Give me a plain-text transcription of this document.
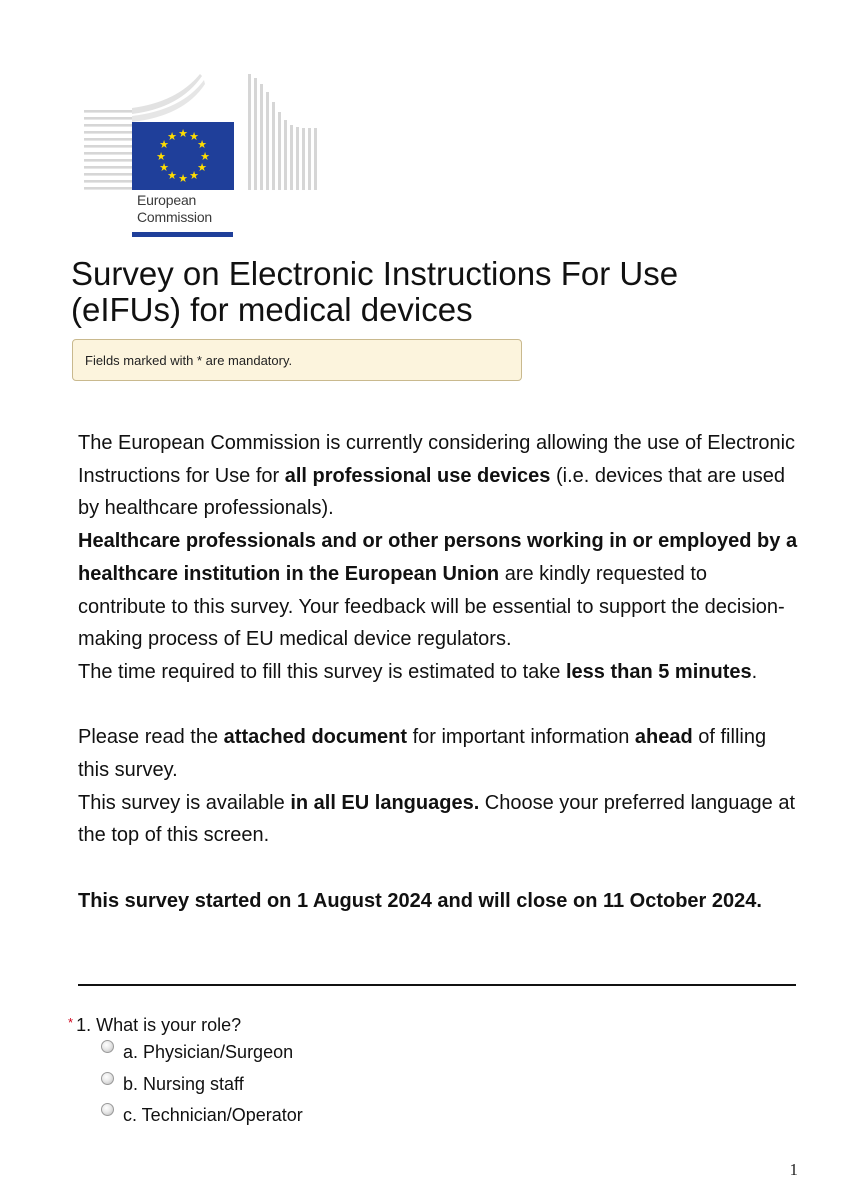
★ ★
★
★
★
★
★
★
★
★
★
★
European
Commission
Survey on Electronic Instructions For Use (eIFUs) for medical devices
Fields marked with * are mandatory.

The European Commission is currently considering allowing the use of Electronic Instructions for Use for all professional use devices (i.e. devices that are used by healthcare professionals).

Healthcare professionals and or other persons working in or employed by a healthcare institution in the European Union are kindly requested to contribute to this survey. Your feedback will be essential to support the decision-making process of EU medical device regulators.

The time required to fill this survey is estimated to take less than 5 minutes.

Please read the attached document for important information ahead of filling this survey.

This survey is available in all EU languages. Choose your preferred language at the top of this screen.

This survey started on 1 August 2024 and will close on 11 October 2024.

* 1. What is your role?
a. Physician/Surgeon
b. Nursing staff
c. Technician/Operator
1
